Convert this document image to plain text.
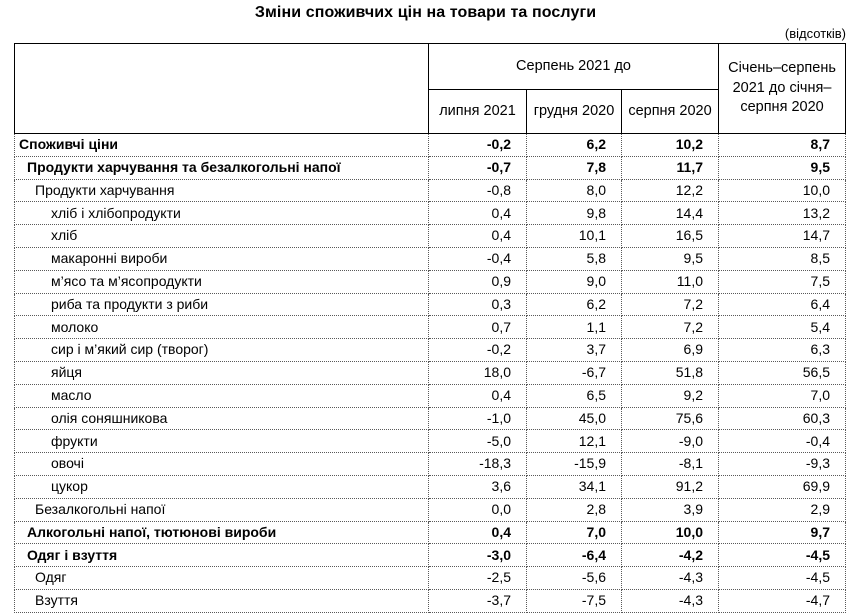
Зміни споживчих цін на товари та послуги
(відсотків)
	Серпень 2021 до			Січень–серпень 2021 до січня–серпня 2020
	липня 2021	грудня 2020	серпня 2020	
Споживчі ціни	-0,2	6,2	10,2	8,7
Продукти харчування та безалкогольні напої	-0,7	7,8	11,7	9,5
Продукти харчування	-0,8	8,0	12,2	10,0
хліб і хлібопродукти	0,4	9,8	14,4	13,2
хліб	0,4	10,1	16,5	14,7
макаронні вироби	-0,4	5,8	9,5	8,5
м’ясо та м’ясопродукти	0,9	9,0	11,0	7,5
риба та продукти з риби	0,3	6,2	7,2	6,4
молоко	0,7	1,1	7,2	5,4
сир і м’який сир (творог)	-0,2	3,7	6,9	6,3
яйця	18,0	-6,7	51,8	56,5
масло	0,4	6,5	9,2	7,0
олія соняшникова	-1,0	45,0	75,6	60,3
фрукти	-5,0	12,1	-9,0	-0,4
овочі	-18,3	-15,9	-8,1	-9,3
цукор	3,6	34,1	91,2	69,9
Безалкогольні напої	0,0	2,8	3,9	2,9
Алкогольні напої, тютюнові вироби	0,4	7,0	10,0	9,7
Одяг і взуття	-3,0	-6,4	-4,2	-4,5
Одяг	-2,5	-5,6	-4,3	-4,5
Взуття	-3,7	-7,5	-4,3	-4,7
